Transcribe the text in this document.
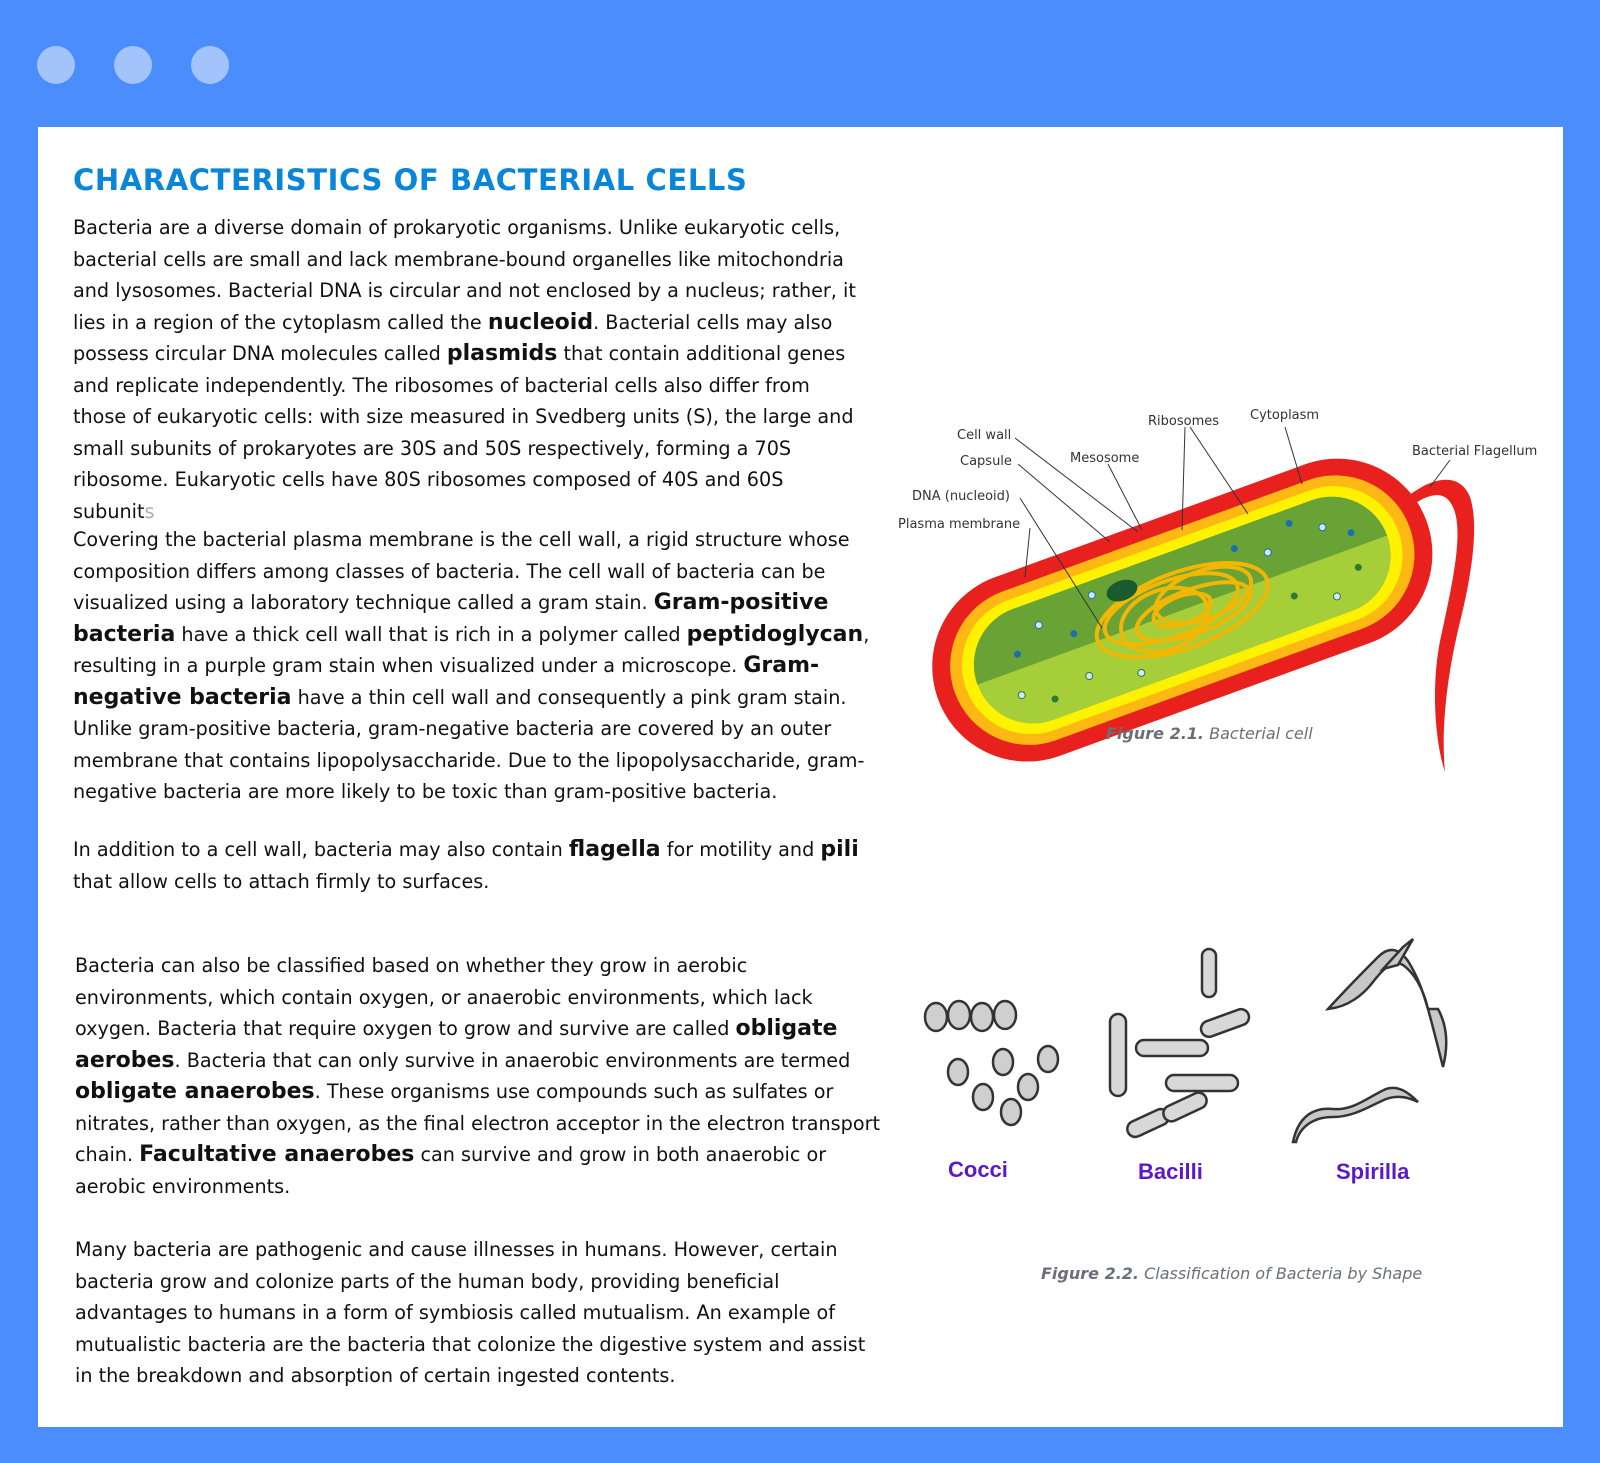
CHARACTERISTICS OF BACTERIAL CELLS

Bacteria are a diverse domain of prokaryotic organisms. Unlike eukaryotic cells, bacterial cells are small and lack membrane-bound organelles like mitochondria and lysosomes. Bacterial DNA is circular and not enclosed by a nucleus; rather, it lies in a region of the cytoplasm called the nucleoid. Bacterial cells may also possess circular DNA molecules called plasmids that contain additional genes and replicate independently. The ribosomes of bacterial cells also differ from those of eukaryotic cells: with size measured in Svedberg units (S), the large and small subunits of prokaryotes are 30S and 50S respectively, forming a 70S ribosome. Eukaryotic cells have 80S ribosomes composed of 40S and 60S subunits

Covering the bacterial plasma membrane is the cell wall, a rigid structure whose composition differs among classes of bacteria. The cell wall of bacteria can be visualized using a laboratory technique called a gram stain. Gram-positive bacteria have a thick cell wall that is rich in a polymer called peptidoglycan, resulting in a purple gram stain when visualized under a microscope. Gram-negative bacteria have a thin cell wall and consequently a pink gram stain. Unlike gram-positive bacteria, gram-negative bacteria are covered by an outer membrane that contains lipopolysaccharide. Due to the lipopolysaccharide, gram-negative bacteria are more likely to be toxic than gram-positive bacteria.

In addition to a cell wall, bacteria may also contain flagella for motility and pili that allow cells to attach firmly to surfaces.

Bacteria can also be classified based on whether they grow in aerobic environments, which contain oxygen, or anaerobic environments, which lack oxygen. Bacteria that require oxygen to grow and survive are called obligate aerobes. Bacteria that can only survive in anaerobic environments are termed obligate anaerobes. These organisms use compounds such as sulfates or nitrates, rather than oxygen, as the final electron acceptor in the electron transport chain. Facultative anaerobes can survive and grow in both anaerobic or aerobic environments.

Many bacteria are pathogenic and cause illnesses in humans. However, certain bacteria grow and colonize parts of the human body, providing beneficial advantages to humans in a form of symbiosis called mutualism. An example of mutualistic bacteria are the bacteria that colonize the digestive system and assist in the breakdown and absorption of certain ingested contents.

Cell wall
Capsule
DNA (nucleoid)
Plasma membrane
Mesosome
Ribosomes Cytoplasm
Bacterial Flagellum
Figure 2.1. Bacterial cell
Cocci	Bacilli	Spirilla
Figure 2.2. Classification of Bacteria by Shape
